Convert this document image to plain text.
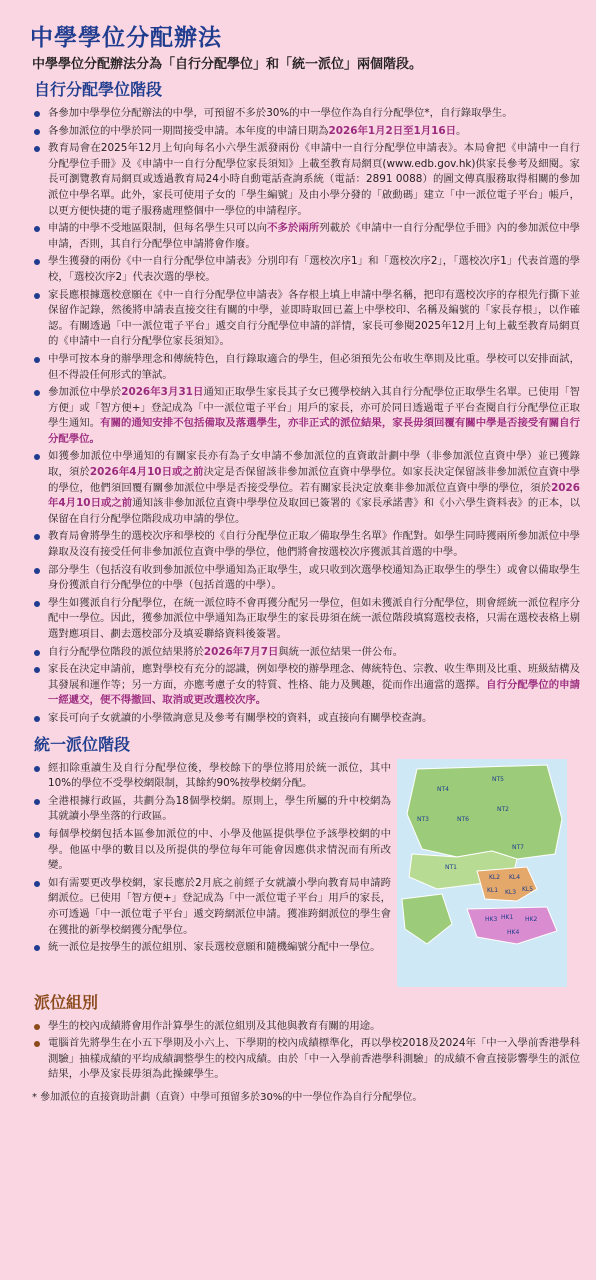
中學學位分配辦法
中學學位分配辦法分為「自行分配學位」和「統一派位」兩個階段。
自行分配學位階段
各參加中學學位分配辦法的中學，可預留不多於30%的中一學位作為自行分配學位*，自行錄取學生。
各參加派位的中學於同一期間接受申請。本年度的申請日期為2026年1月2日至1月16日。
教育局會在2025年12月上旬向每名小六學生派發兩份《申請中一自行分配學位申請表》。本局會把《申請中一自行分配學位手冊》及《申請中一自行分配學位家長須知》上載至教育局網頁(www.edb.gov.hk)供家長參考及細閱。家長可瀏覽教育局網頁或透過教育局24小時自動電話查詢系統（電話：2891 0088）的圖文傳真服務取得相關的參加派位中學名單。此外，家長可使用子女的「學生編號」及由小學分發的「啟動碼」建立「中一派位電子平台」帳戶，以更方便快捷的電子服務處理整個中一學位的申請程序。
申請的中學不受地區限制，但每名學生只可以向不多於兩所列載於《申請中一自行分配學位手冊》內的參加派位中學申請，否則，其自行分配學位申請將會作廢。
學生獲發的兩份《中一自行分配學位申請表》分別印有「選校次序1」和「選校次序2」，「選校次序1」代表首選的學校，「選校次序2」代表次選的學校。
家長應根據選校意願在《中一自行分配學位申請表》各存根上填上申請中學名稱，把印有選校次序的存根先行撕下並保留作記錄，然後將申請表直接交往有關的中學，並即時取回已蓋上中學校印、名稱及編號的「家長存根」，以作確認。有關透過「中一派位電子平台」遞交自行分配學位申請的詳情，家長可參閱2025年12月上旬上載至教育局網頁的《申請中一自行分配學位家長須知》。
中學可按本身的辦學理念和傳統特色，自行錄取適合的學生，但必須預先公布收生準則及比重。學校可以安排面試，但不得設任何形式的筆試。
參加派位中學於2026年3月31日通知正取學生家長其子女已獲學校納入其自行分配學位正取學生名單。已使用「智方便」或「智方便+」登記成為「中一派位電子平台」用戶的家長，亦可於同日透過電子平台查閱自行分配學位正取學生通知。有關的通知安排不包括備取及落選學生，亦非正式的派位結果，家長毋須回覆有關中學是否接受有關自行分配學位。
如獲參加派位中學通知的有關家長亦有為子女申請不參加派位的直資敢計劃中學（非參加派位直資中學）並已獲錄取，須於2026年4月10日或之前決定是否保留該非參加派位直資中學學位。如家長決定保留該非參加派位直資中學的學位，他們須回覆有關參加派位中學是否接受學位。若有關家長決定放棄非參加派位直資中學的學位，須於2026年4月10日或之前通知該非參加派位直資中學學位及取回已簽署的《家長承諾書》和《小六學生資料表》的正本，以保留在自行分配學位階段成功申請的學位。
教育局會將學生的選校次序和學校的《自行分配學位正取／備取學生名單》作配對。如學生同時獲兩所參加派位中學錄取及沒有接受任何非參加派位直資中學的學位，他們將會按選校次序獲派其首選的中學。
部分學生（包括沒有收到參加派位中學通知為正取學生，或只收到次選學校通知為正取學生的學生）或會以備取學生身份獲派自行分配學位的中學（包括首選的中學）。
學生如獲派自行分配學位，在統一派位時不會再獲分配另一學位，但如未獲派自行分配學位，則會經統一派位程序分配中一學位。因此，獲參加派位中學通知為正取學生的家長毋須在統一派位階段填寫選校表格，只需在選校表格上剔選對應項目、劃去選校部分及填妥聯絡資料後簽署。
自行分配學位階段的派位結果將於2026年7月7日與統一派位結果一併公布。
家長在決定申請前，應對學校有充分的認識，例如學校的辦學理念、傳統特色、宗教、收生準則及比重、班級結構及其發展和運作等；另一方面，亦應考慮子女的特質、性格、能力及興趣，從而作出適當的選擇。自行分配學位的申請一經遞交，便不得撤回、取消或更改選校次序。
家長可向子女就讀的小學徵詢意見及參考有關學校的資料，或直接向有關學校查詢。
統一派位階段
經扣除重讀生及自行分配學位後，學校餘下的學位將用於統一派位，其中10%的學位不受學校網限制，其餘約90%按學校網分配。
全港根據行政區，共劃分為18個學校網。原則上，學生所屬的升中校網為其就讀小學坐落的行政區。
每個學校網包括本區參加派位的中、小學及他區提供學位予該學校網的中學。他區中學的數目以及所提供的學位每年可能會因應供求情況而有所改變。
如有需要更改學校網，家長應於2月底之前經子女就讀小學向教育局申請跨網派位。已使用「智方便+」登記成為「中一派位電子平台」用戶的家長，亦可透過「中一派位電子平台」遞交跨網派位申請。獲准跨網派位的學生會在獲批的新學校網獲分配學位。
統一派位是按學生的派位組別、家長選校意願和隨機編號分配中一學位。
NT5
NT4
NT2
NT3	NT6
NT1
NT7
KL2 KL4
KL5
KL1 KL3
HK3 HK1 HK2
HK4
派位組別
學生的校內成績將會用作計算學生的派位組別及其他與教育有關的用途。
電腦首先將學生在小五下學期及小六上、下學期的校內成績標準化，再以學校2018及2024年「中一入學前香港學科測驗」抽樣成績的平均成績調整學生的校內成績。由於「中一入學前香港學科測驗」的成績不會直接影響學生的派位結果，小學及家長毋須為此操練學生。
* 參加派位的直接資助計劃（直資）中學可預留多於30%的中一學位作為自行分配學位。
